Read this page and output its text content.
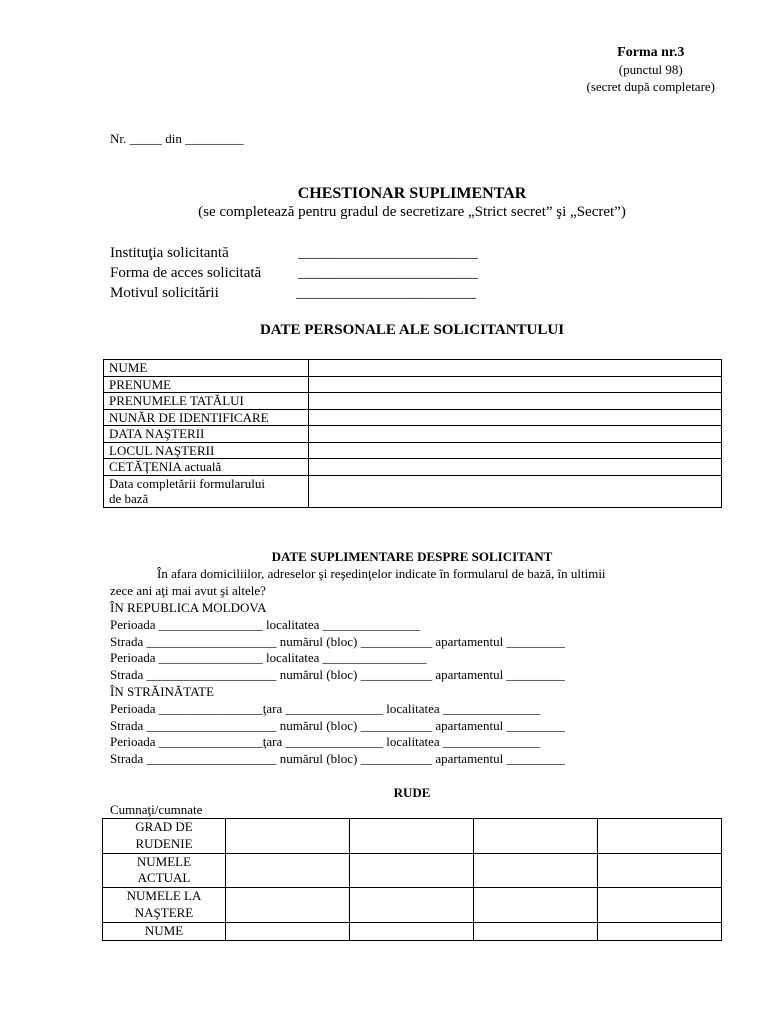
Forma nr.3
(punctul 98)
(secret după completare)
Nr. _____ din _________
CHESTIONAR SUPLIMENTAR
(se completează pentru gradul de secretizare „Strict secret” şi „Secret”)
Instituţia solicitantă	________________________
Forma de acces solicitată ________________________
Motivul solicitării	________________________
DATE PERSONALE ALE SOLICITANTULUI
NUME	
PRENUME	
PRENUMELE TATĂLUI	
NUNĂR DE IDENTIFICARE	
DATA NAŞTERII	
LOCUL NAŞTERII	
CETĂŢENIA actuală	

Data completării formularului
de bază	

DATE SUPLIMENTARE DESPRE SOLICITANT
În afara domiciliilor, adreselor şi reşedinţelor indicate în formularul de bază, în ultimii
zece ani aţi mai avut şi altele?
ÎN REPUBLICA MOLDOVA
Perioada ________________ localitatea _______________
Strada ____________________ numărul (bloc) ___________ apartamentul _________
Perioada ________________ localitatea ________________
Strada ____________________ numărul (bloc) ___________ apartamentul _________
ÎN STRĂINĂTATE
Perioada ________________ţara _______________ localitatea _______________
Strada ____________________ numărul (bloc) ___________ apartamentul _________
Perioada ________________ţara _______________ localitatea _______________
Strada ____________________ numărul (bloc) ___________ apartamentul _________
RUDE
Cumnaţi/cumnate
GRAD DE
RUDENIE				

NUMELE
ACTUAL				

NUMELE LA
NAŞTERE				

NUME				
